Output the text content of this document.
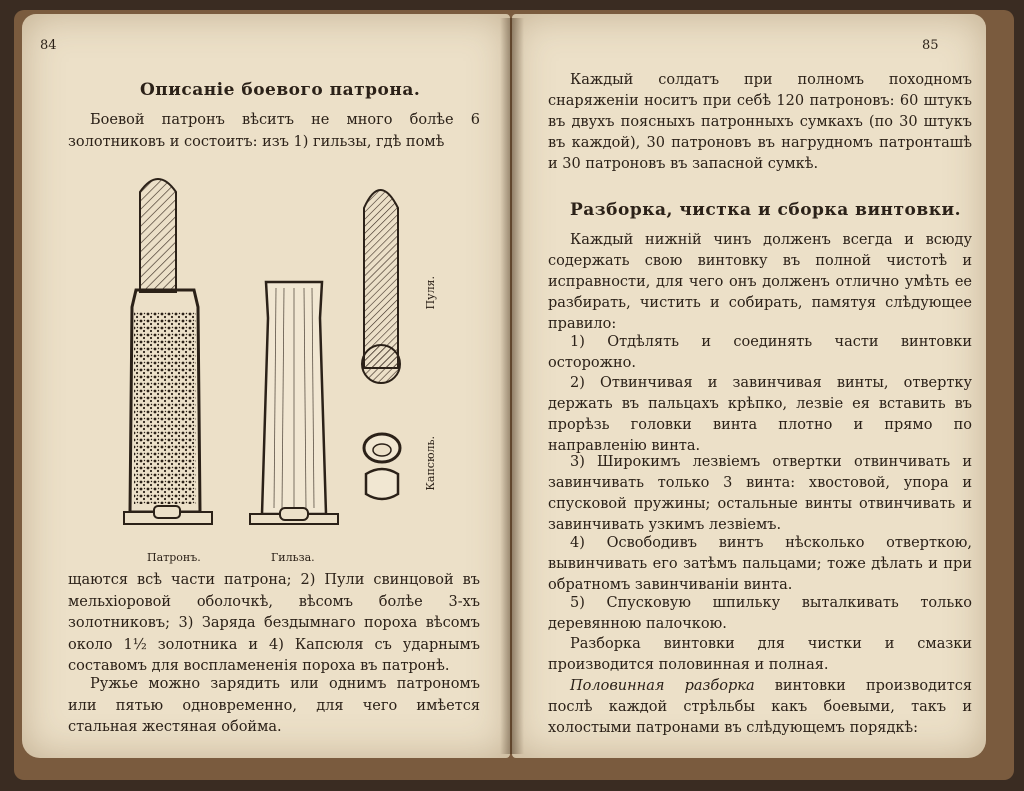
84
Описаніе боевого патрона.

Боевой патронъ вѣситъ не много болѣе 6 золотниковъ и состоитъ: изъ 1) гильзы, гдѣ помѣ

Патронъ.	Гильза.
Пуля.
Капсюль.

щаются всѣ части патрона; 2) Пули свинцовой въ мельхіоровой оболочкѣ, вѣсомъ болѣе 3-хъ золотниковъ; 3) Заряда бездымнаго пороха вѣсомъ около 1½ золотника и 4) Капсюля съ ударнымъ составомъ для воспламененія пороха въ патронѣ.

Ружье можно зарядить или однимъ патрономъ или пятью одновременно, для чего имѣется стальная жестяная обойма.

85

Каждый солдатъ при полномъ походномъ снаряженіи носитъ при себѣ 120 патроновъ: 60 штукъ въ двухъ поясныхъ патронныхъ сумкахъ (по 30 штукъ въ каждой), 30 патроновъ въ нагрудномъ патронташѣ и 30 патроновъ въ запасной сумкѣ.

Разборка, чистка и сборка винтовки.

Каждый нижній чинъ долженъ всегда и всюду содержать свою винтовку въ полной чистотѣ и исправности, для чего онъ долженъ отлично умѣть ее разбирать, чистить и собирать, памятуя слѣдующее правило:

1) Отдѣлять и соединять части винтовки осторожно.

2) Отвинчивая и завинчивая винты, отвертку держать въ пальцахъ крѣпко, лезвіе ея вставить въ прорѣзь головки винта плотно и прямо по направленію винта.

3) Широкимъ лезвіемъ отвертки отвинчивать и завинчивать только 3 винта: хвостовой, упора и спусковой пружины; остальные винты отвинчивать и завинчивать узкимъ лезвіемъ.

4) Освободивъ винтъ нѣсколько отверткою, вывинчивать его затѣмъ пальцами; тоже дѣлать и при обратномъ завинчиваніи винта.

5) Спусковую шпильку выталкивать только деревянною палочкою.

Разборка винтовки для чистки и смазки производится половинная и полная.

Половинная разборка винтовки производится послѣ каждой стрѣльбы какъ боевыми, такъ и холостыми патронами въ слѣдующемъ порядкѣ:
